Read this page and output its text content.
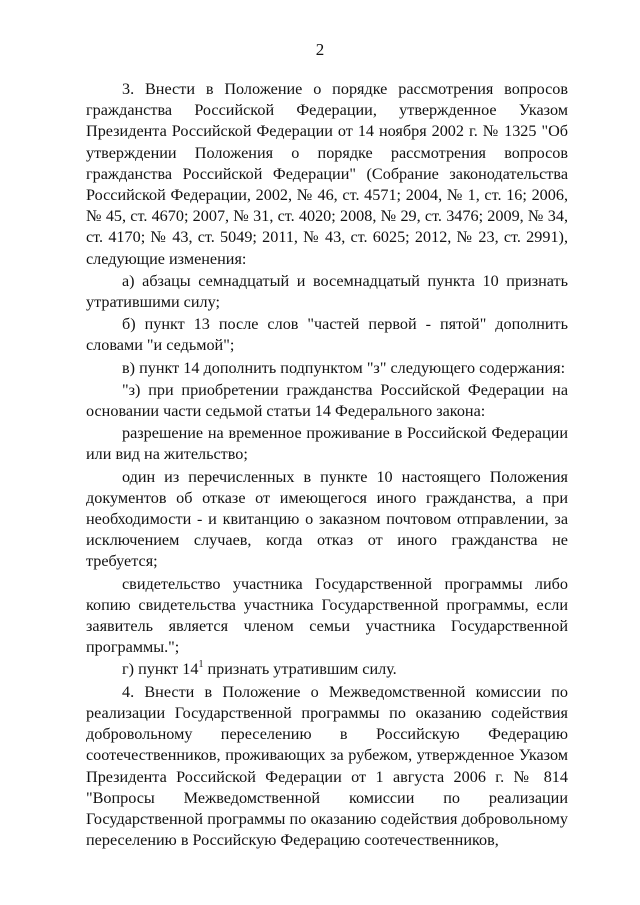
2

3. Внести в Положение о порядке рассмотрения вопросов гражданства Российской Федерации, утвержденное Указом Президента Российской Федерации от 14 ноября 2002 г. № 1325 "Об утверждении Положения о порядке рассмотрения вопросов гражданства Российской Федерации" (Собрание законодательства Российской Федерации, 2002, № 46, ст. 4571; 2004, № 1, ст. 16; 2006, № 45, ст. 4670; 2007, № 31, ст. 4020; 2008, № 29, ст. 3476; 2009, № 34, ст. 4170; № 43, ст. 5049; 2011, № 43, ст. 6025; 2012, № 23, ст. 2991), следующие изменения:

а) абзацы семнадцатый и восемнадцатый пункта 10 признать утратившими силу;

б) пункт 13 после слов "частей первой - пятой" дополнить словами "и седьмой";

в) пункт 14 дополнить подпунктом "з" следующего содержания:

"з) при приобретении гражданства Российской Федерации на основании части седьмой статьи 14 Федерального закона:

разрешение на временное проживание в Российской Федерации или вид на жительство;

один из перечисленных в пункте 10 настоящего Положения документов об отказе от имеющегося иного гражданства, а при необходимости - и квитанцию о заказном почтовом отправлении, за исключением случаев, когда отказ от иного гражданства не требуется;

свидетельство участника Государственной программы либо копию свидетельства участника Государственной программы, если заявитель является членом семьи участника Государственной программы.";

г) пункт $14^1$ признать утратившим силу.

4. Внести в Положение о Межведомственной комиссии по реализации Государственной программы по оказанию содействия добровольному переселению в Российскую Федерацию соотечественников, проживающих за рубежом, утвержденное Указом Президента Российской Федерации от 1 августа 2006 г. № 814 "Вопросы Межведомственной комиссии по реализации Государственной программы по оказанию содействия добровольному переселению в Российскую Федерацию соотечественников,
